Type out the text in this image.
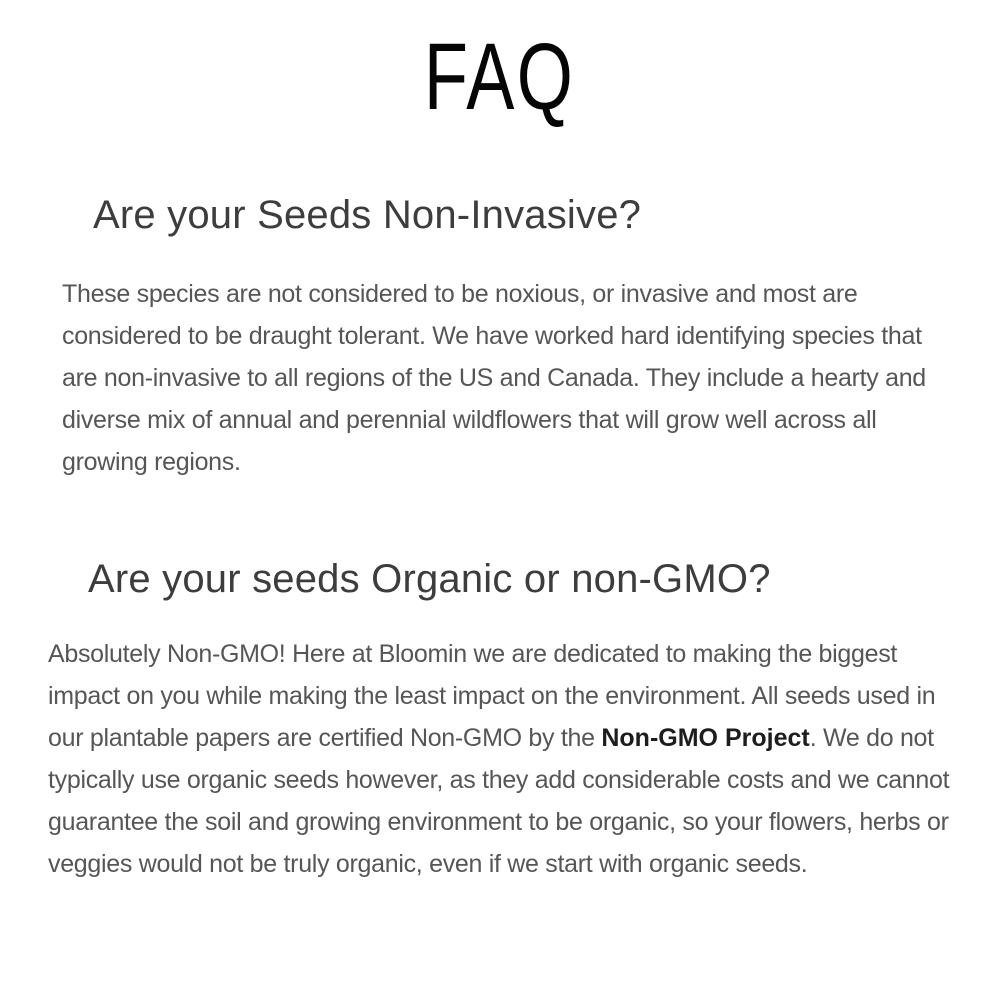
FAQ
Are your Seeds Non-Invasive?

These species are not considered to be noxious, or invasive and most are considered to be draught tolerant. We have worked hard identifying species that are non-invasive to all regions of the US and Canada. They include a hearty and diverse mix of annual and perennial wildflowers that will grow well across all growing regions.

Are your seeds Organic or non-GMO?

Absolutely Non-GMO! Here at Bloomin we are dedicated to making the biggest impact on you while making the least impact on the environment. All seeds used in our plantable papers are certified Non-GMO by the Non-GMO Project. We do not typically use organic seeds however, as they add considerable costs and we cannot guarantee the soil and growing environment to be organic, so your flowers, herbs or veggies would not be truly organic, even if we start with organic seeds.
